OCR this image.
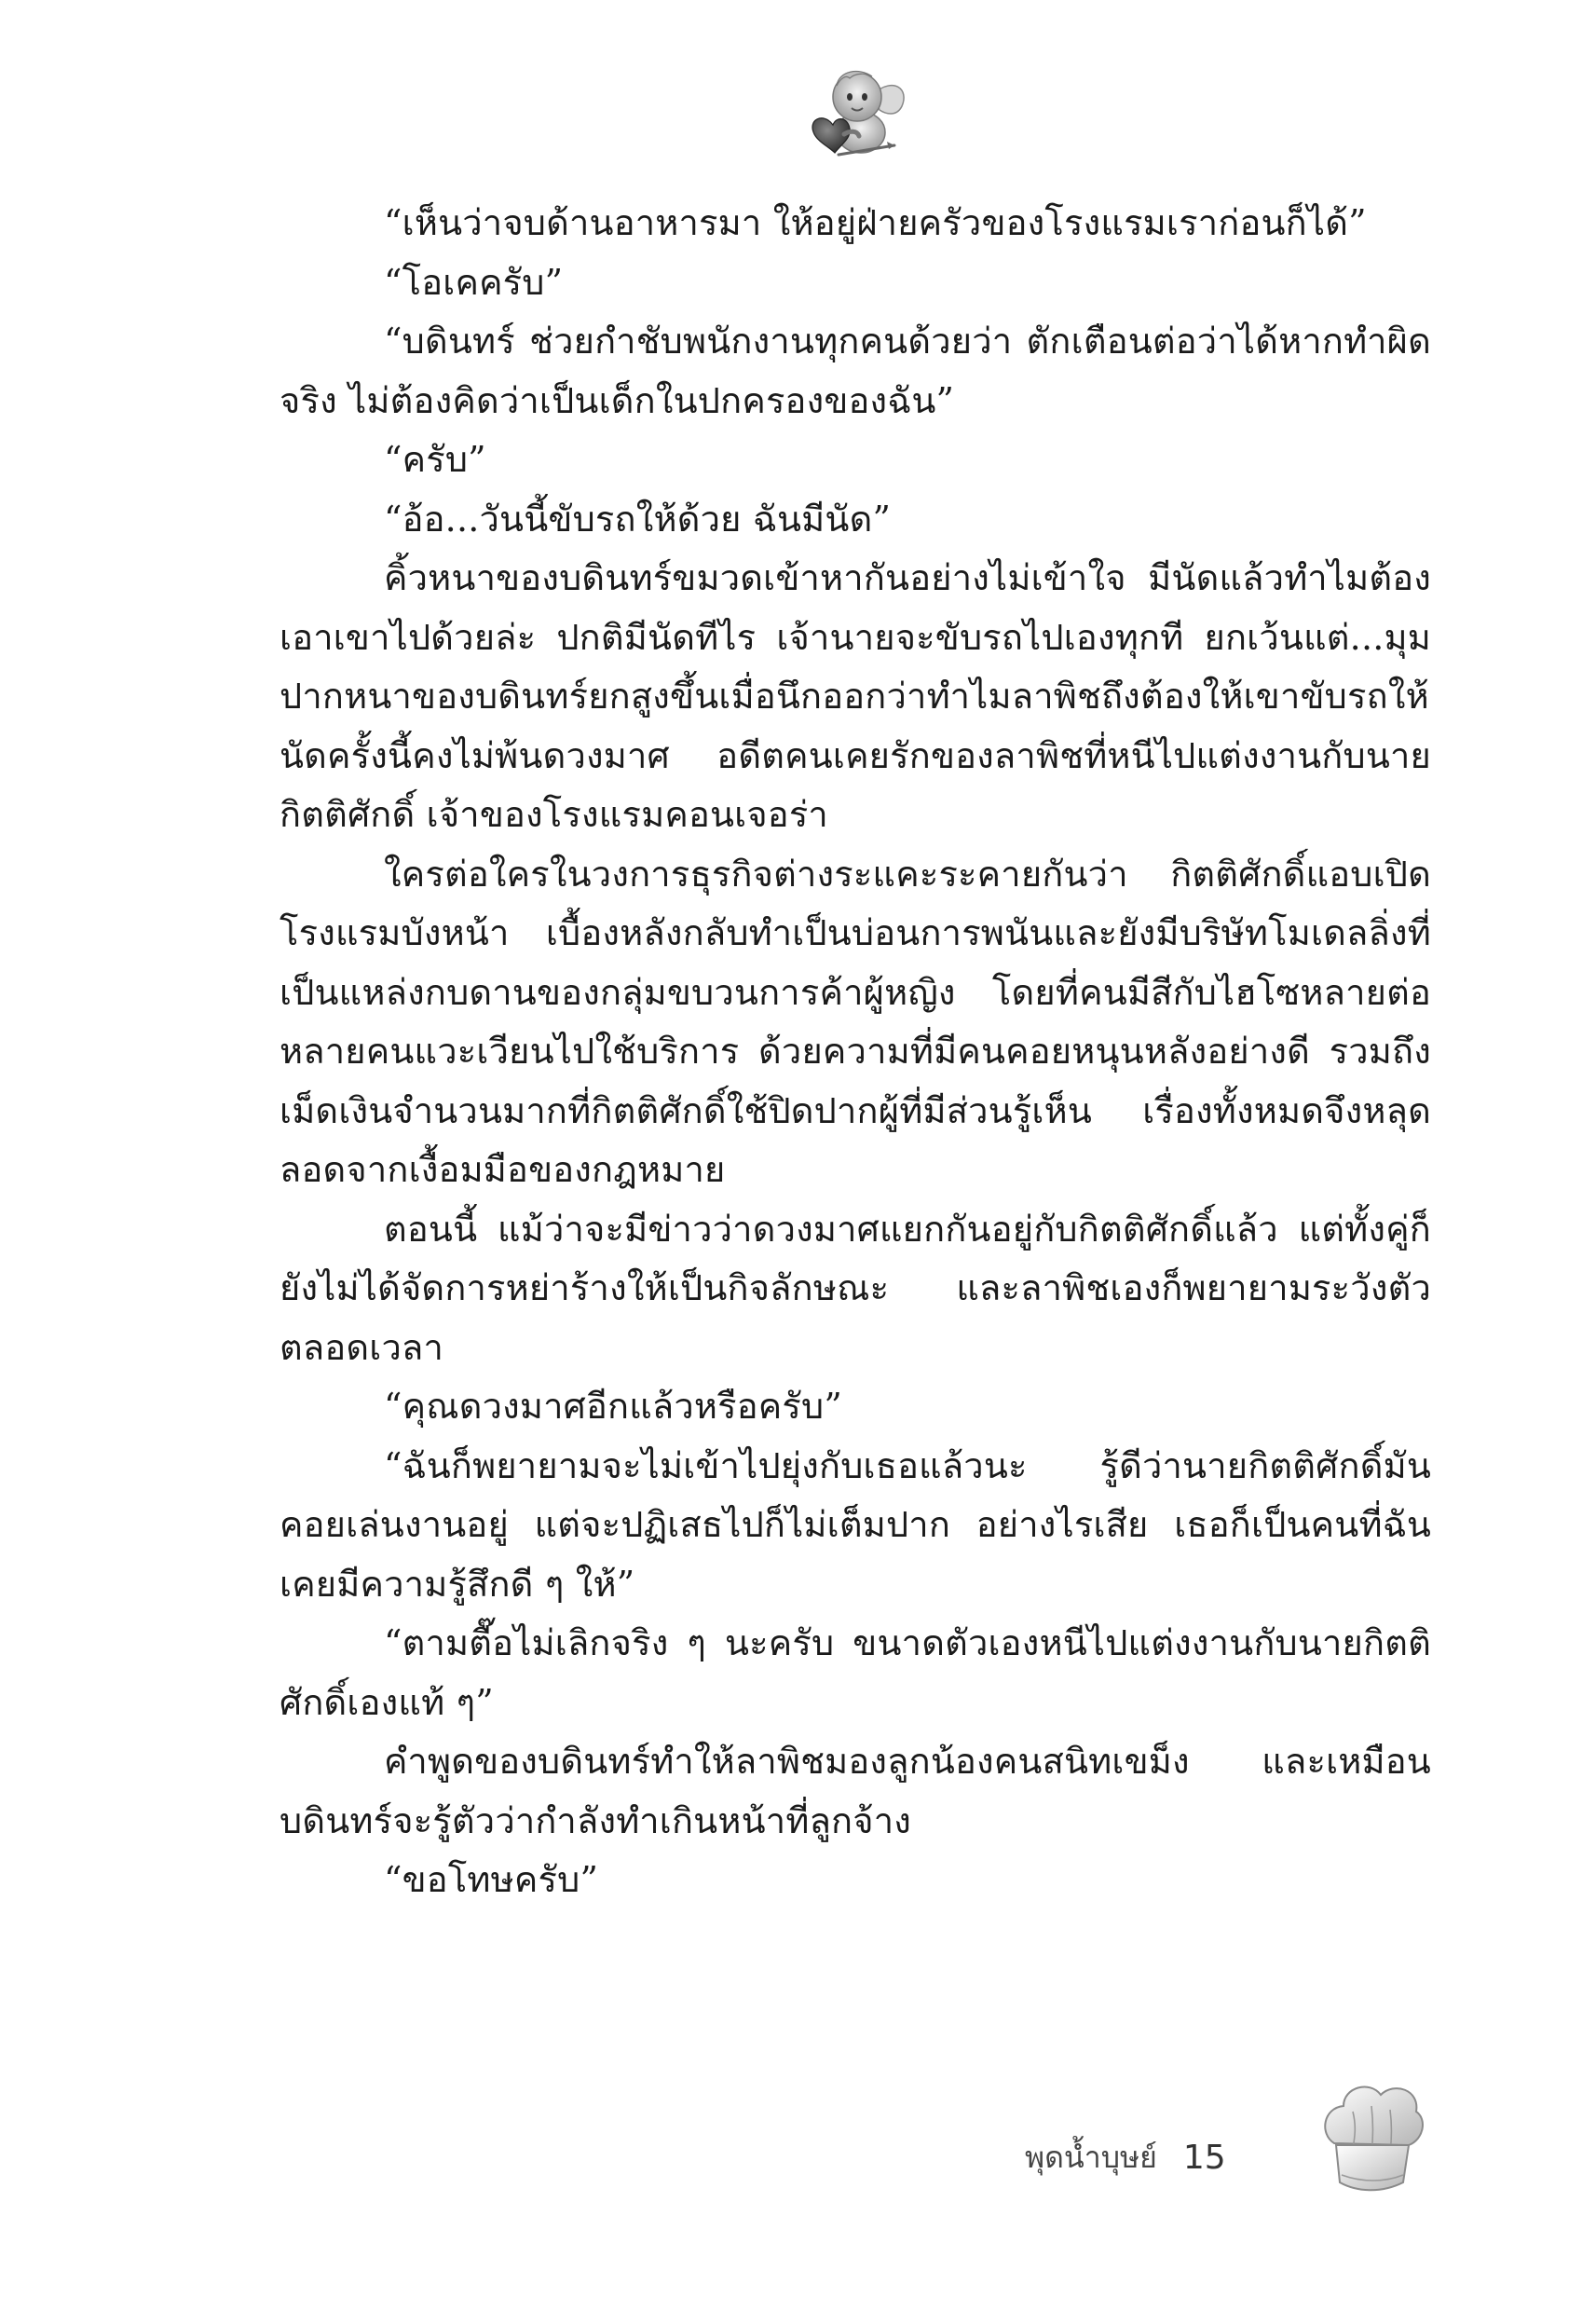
“เห็นว่าจบด้านอาหารมา ให้อยู่ฝ่ายครัวของโรงแรมเราก่อนก็ได้”

“โอเคครับ”

“บดินทร์ ช่วยกำชับพนักงานทุกคนด้วยว่า ตักเตือนต่อว่าได้หากทำผิดจริง ไม่ต้องคิดว่าเป็นเด็กในปกครองของฉัน”

“ครับ”

“อ้อ...วันนี้ขับรถให้ด้วย ฉันมีนัด”

คิ้วหนาของบดินทร์ขมวดเข้าหากันอย่างไม่เข้าใจ มีนัดแล้วทำไมต้องเอาเขาไปด้วยล่ะ ปกติมีนัดทีไร เจ้านายจะขับรถไปเองทุกที ยกเว้นแต่...มุมปากหนาของบดินทร์ยกสูงขึ้นเมื่อนึกออกว่าทำไมลาพิชถึงต้องให้เขาขับรถให้ นัดครั้งนี้คงไม่พ้นดวงมาศ อดีตคนเคยรักของลาพิชที่หนีไปแต่งงานกับนายกิตติศักดิ์ เจ้าของโรงแรมคอนเจอร่า

ใครต่อใครในวงการธุรกิจต่างระแคะระคายกันว่า กิตติศักดิ์แอบเปิดโรงแรมบังหน้า เบื้องหลังกลับทำเป็นบ่อนการพนันและยังมีบริษัทโมเดลลิ่งที่เป็นแหล่งกบดานของกลุ่มขบวนการค้าผู้หญิง โดยที่คนมีสีกับไฮโซหลายต่อหลายคนแวะเวียนไปใช้บริการ ด้วยความที่มีคนคอยหนุนหลังอย่างดี รวมถึงเม็ดเงินจำนวนมากที่กิตติศักดิ์ใช้ปิดปากผู้ที่มีส่วนรู้เห็น เรื่องทั้งหมดจึงหลุดลอดจากเงื้อมมือของกฎหมาย

ตอนนี้ แม้ว่าจะมีข่าวว่าดวงมาศแยกกันอยู่กับกิตติศักดิ์แล้ว แต่ทั้งคู่ก็ยังไม่ได้จัดการหย่าร้างให้เป็นกิจลักษณะ และลาพิชเองก็พยายามระวังตัวตลอดเวลา

“คุณดวงมาศอีกแล้วหรือครับ”

“ฉันก็พยายามจะไม่เข้าไปยุ่งกับเธอแล้วนะ รู้ดีว่านายกิตติศักดิ์มันคอยเล่นงานอยู่ แต่จะปฏิเสธไปก็ไม่เต็มปาก อย่างไรเสีย เธอก็เป็นคนที่ฉันเคยมีความรู้สึกดี ๆ ให้”

“ตามตื๊อไม่เลิกจริง ๆ นะครับ ขนาดตัวเองหนีไปแต่งงานกับนายกิตติศักดิ์เองแท้ ๆ”

คำพูดของบดินทร์ทำให้ลาพิชมองลูกน้องคนสนิทเขม็ง และเหมือนบดินทร์จะรู้ตัวว่ากำลังทำเกินหน้าที่ลูกจ้าง

“ขอโทษครับ”

พุดน้ำบุษย์ 15
